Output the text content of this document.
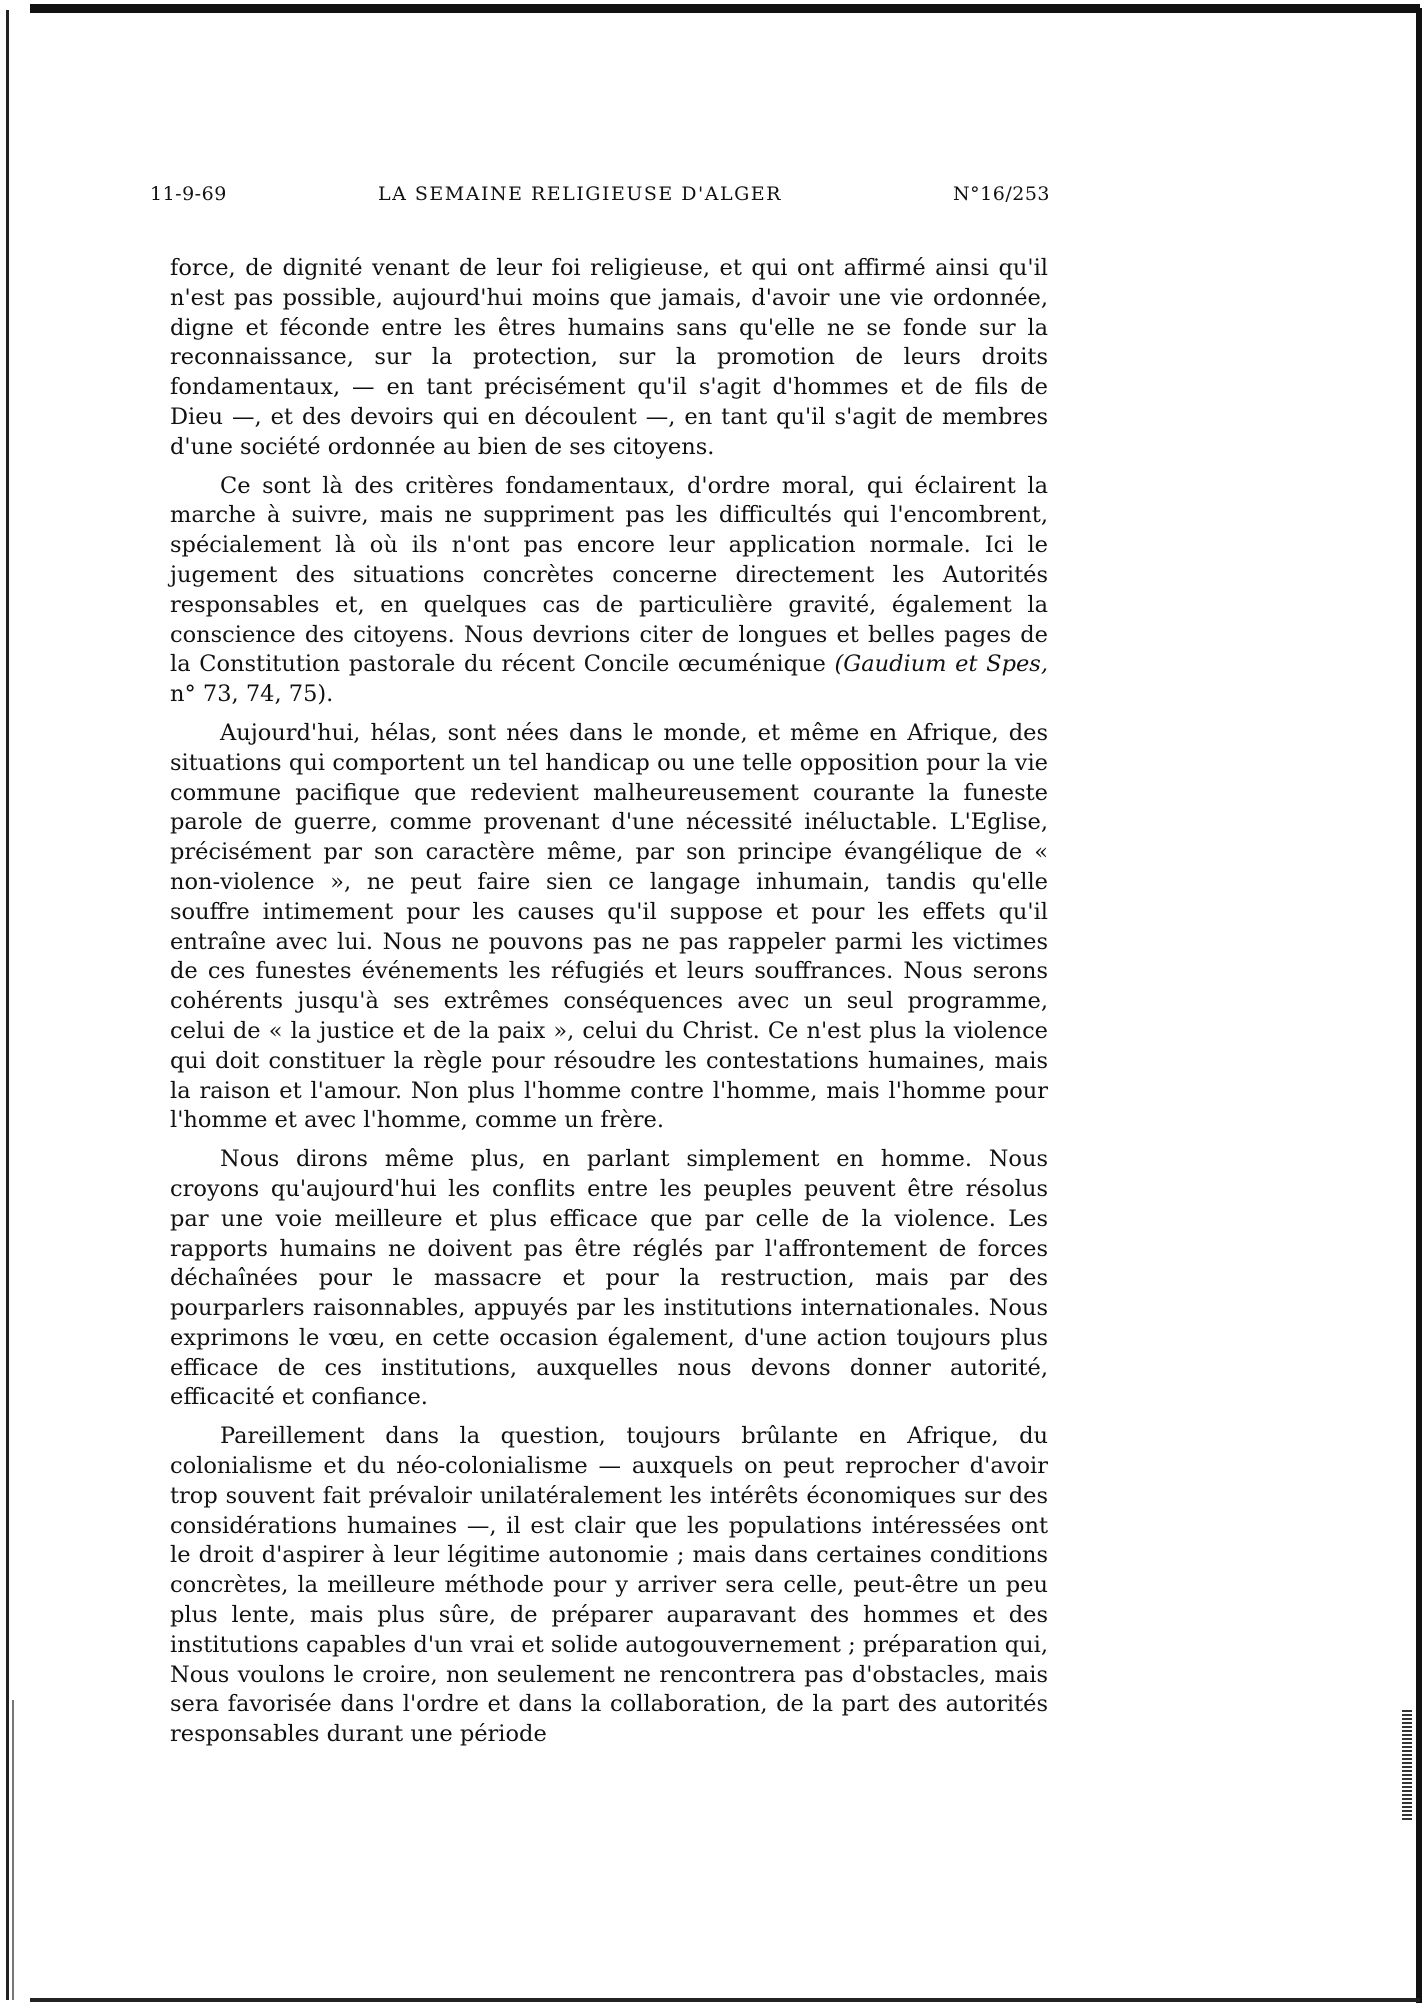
11-9-69	LA SEMAINE RELIGIEUSE D'ALGER	N°16/253

force, de dignité venant de leur foi religieuse, et qui ont affirmé ainsi qu'il n'est pas possible, aujourd'hui moins que jamais, d'avoir une vie ordonnée, digne et féconde entre les êtres humains sans qu'elle ne se fonde sur la reconnaissance, sur la protection, sur la promotion de leurs droits fondamentaux, — en tant précisément qu'il s'agit d'hommes et de fils de Dieu —, et des devoirs qui en découlent —, en tant qu'il s'agit de membres d'une société ordonnée au bien de ses citoyens.

Ce sont là des critères fondamentaux, d'ordre moral, qui éclairent la marche à suivre, mais ne suppriment pas les difficultés qui l'encombrent, spécialement là où ils n'ont pas encore leur application normale. Ici le jugement des situations concrètes concerne directement les Autorités responsables et, en quelques cas de particulière gravité, également la conscience des citoyens. Nous devrions citer de longues et belles pages de la Constitution pastorale du récent Concile œcuménique (Gaudium et Spes, n° 73, 74, 75).

Aujourd'hui, hélas, sont nées dans le monde, et même en Afrique, des situations qui comportent un tel handicap ou une telle opposition pour la vie commune pacifique que redevient malheureusement courante la funeste parole de guerre, comme provenant d'une nécessité inéluctable. L'Eglise, précisément par son caractère même, par son principe évangélique de « non-violence », ne peut faire sien ce langage inhumain, tandis qu'elle souffre intimement pour les causes qu'il suppose et pour les effets qu'il entraîne avec lui. Nous ne pouvons pas ne pas rappeler parmi les victimes de ces funestes événements les réfugiés et leurs souffrances. Nous serons cohérents jusqu'à ses extrêmes conséquences avec un seul programme, celui de « la justice et de la paix », celui du Christ. Ce n'est plus la violence qui doit constituer la règle pour résoudre les contestations humaines, mais la raison et l'amour. Non plus l'homme contre l'homme, mais l'homme pour l'homme et avec l'homme, comme un frère.

Nous dirons même plus, en parlant simplement en homme. Nous croyons qu'aujourd'hui les conflits entre les peuples peuvent être résolus par une voie meilleure et plus efficace que par celle de la violence. Les rapports humains ne doivent pas être réglés par l'affrontement de forces déchaînées pour le massacre et pour la restruction, mais par des pourparlers raisonnables, appuyés par les institutions internationales. Nous exprimons le vœu, en cette occasion également, d'une action toujours plus efficace de ces institutions, auxquelles nous devons donner autorité, efficacité et confiance.

Pareillement dans la question, toujours brûlante en Afrique, du colonialisme et du néo-colonialisme — auxquels on peut reprocher d'avoir trop souvent fait prévaloir unilatéralement les intérêts économiques sur des considérations humaines —, il est clair que les populations intéressées ont le droit d'aspirer à leur légitime autonomie ; mais dans certaines conditions concrètes, la meilleure méthode pour y arriver sera celle, peut-être un peu plus lente, mais plus sûre, de préparer auparavant des hommes et des institutions capables d'un vrai et solide autogouvernement ; préparation qui, Nous voulons le croire, non seulement ne rencontrera pas d'obstacles, mais sera favorisée dans l'ordre et dans la collaboration, de la part des autorités responsables durant une période
